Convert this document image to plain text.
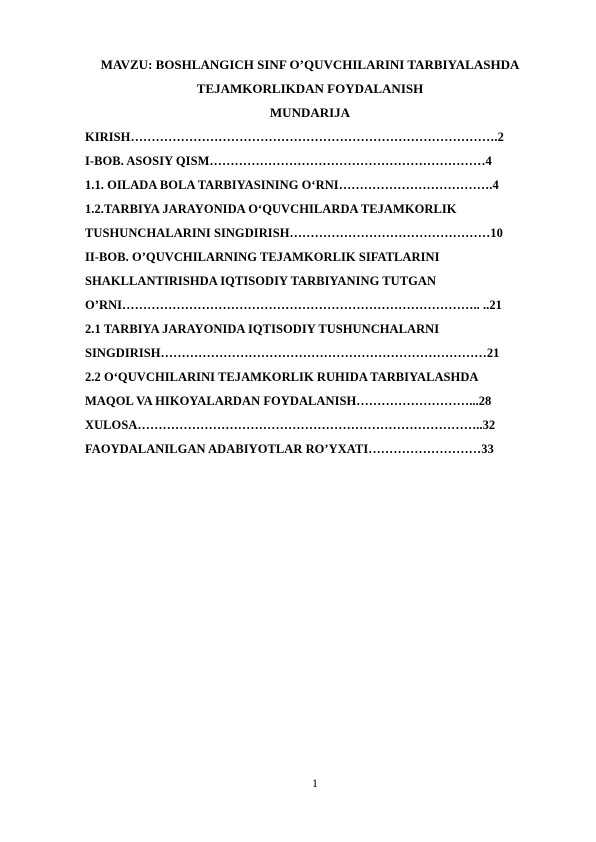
MAVZU: BOSHLANGICH SINF O’QUVCHILARINI TARBIYALASHDA
TEJAMKORLIKDAN FOYDALANISH
MUNDARIJA
KIRISH…………………………………………………………………………….2
I-BOB. ASOSIY QISM…………………………………………………………4
1.1. OILADA BOLA TARBIYASINING O‘RNI……………………………….4
1.2.TARBIYA JARAYONIDA O‘QUVCHILARDA TEJAMKORLIK
TUSHUNCHALARINI SINGDIRISH…………………………………………10
II-BOB. O’QUVCHILARNING TEJAMKORLIK SIFATLARINI
SHAKLLANTIRISHDA IQTISODIY TARBIYANING TUTGAN
O’RNI………………………………………………………………………….. ..21
2.1 TARBIYA JARAYONIDA IQTISODIY TUSHUNCHALARNI
SINGDIRISH……………………………………………………………………21
2.2 O‘QUVCHILARINI TEJAMKORLIK RUHIDA TARBIYALASHDA
MAQOL VA HIKOYALARDAN FOYDALANISH………………………...28
XULOSA………………………………………………………………………..32
FAOYDALANILGAN ADABIYOTLAR RO’YXATI………………………33
1
